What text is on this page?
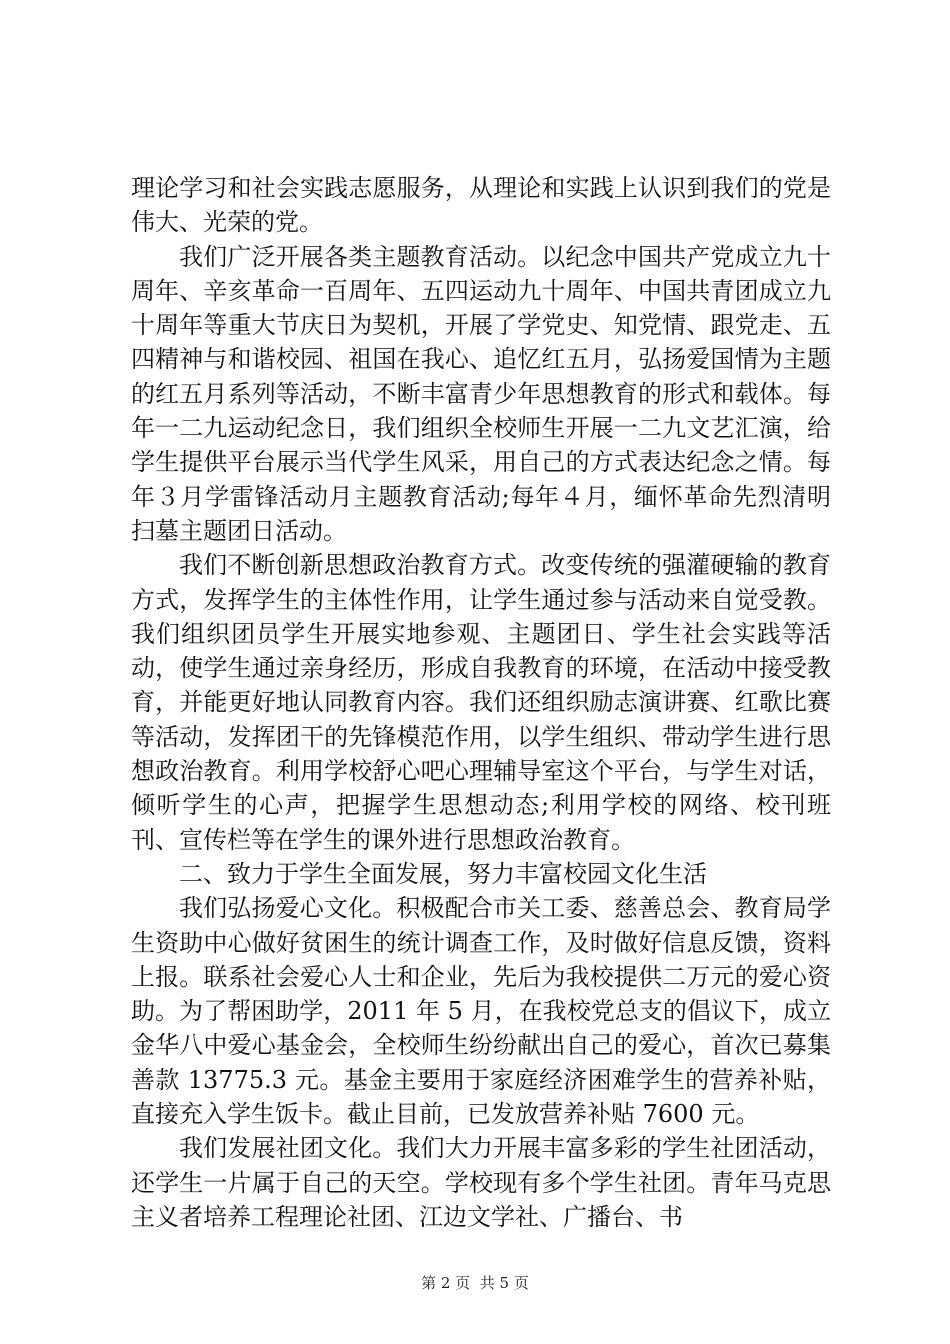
理论学习和社会实践志愿服务，从理论和实践上认识到我们的党是伟大、光荣的党。

我们广泛开展各类主题教育活动。以纪念中国共产党成立九十周年、辛亥革命一百周年、五四运动九十周年、中国共青团成立九十周年等重大节庆日为契机，开展了学党史、知党情、跟党走、五四精神与和谐校园、祖国在我心、追忆红五月，弘扬爱国情为主题的红五月系列等活动，不断丰富青少年思想教育的形式和载体。每年一二九运动纪念日，我们组织全校师生开展一二九文艺汇演，给学生提供平台展示当代学生风采，用自己的方式表达纪念之情。每年３月学雷锋活动月主题教育活动;每年４月，缅怀革命先烈清明扫墓主题团日活动。

我们不断创新思想政治教育方式。改变传统的强灌硬输的教育方式，发挥学生的主体性作用，让学生通过参与活动来自觉受教。我们组织团员学生开展实地参观、主题团日、学生社会实践等活动，使学生通过亲身经历，形成自我教育的环境，在活动中接受教育，并能更好地认同教育内容。我们还组织励志演讲赛、红歌比赛等活动，发挥团干的先锋模范作用，以学生组织、带动学生进行思想政治教育。利用学校舒心吧心理辅导室这个平台，与学生对话，倾听学生的心声，把握学生思想动态;利用学校的网络、校刊班刊、宣传栏等在学生的课外进行思想政治教育。

二、致力于学生全面发展，努力丰富校园文化生活

我们弘扬爱心文化。积极配合市关工委、慈善总会、教育局学生资助中心做好贫困生的统计调查工作，及时做好信息反馈，资料上报。联系社会爱心人士和企业，先后为我校提供二万元的爱心资助。为了帮困助学，2011 年 5 月，在我校党总支的倡议下，成立金华八中爱心基金会，全校师生纷纷献出自己的爱心，首次已募集善款 13775.3 元。基金主要用于家庭经济困难学生的营养补贴，直接充入学生饭卡。截止目前，已发放营养补贴 7600 元。

我们发展社团文化。我们大力开展丰富多彩的学生社团活动，还学生一片属于自己的天空。学校现有多个学生社团。青年马克思主义者培养工程理论社团、江边文学社、广播台、书

第 2 页  共 5 页
